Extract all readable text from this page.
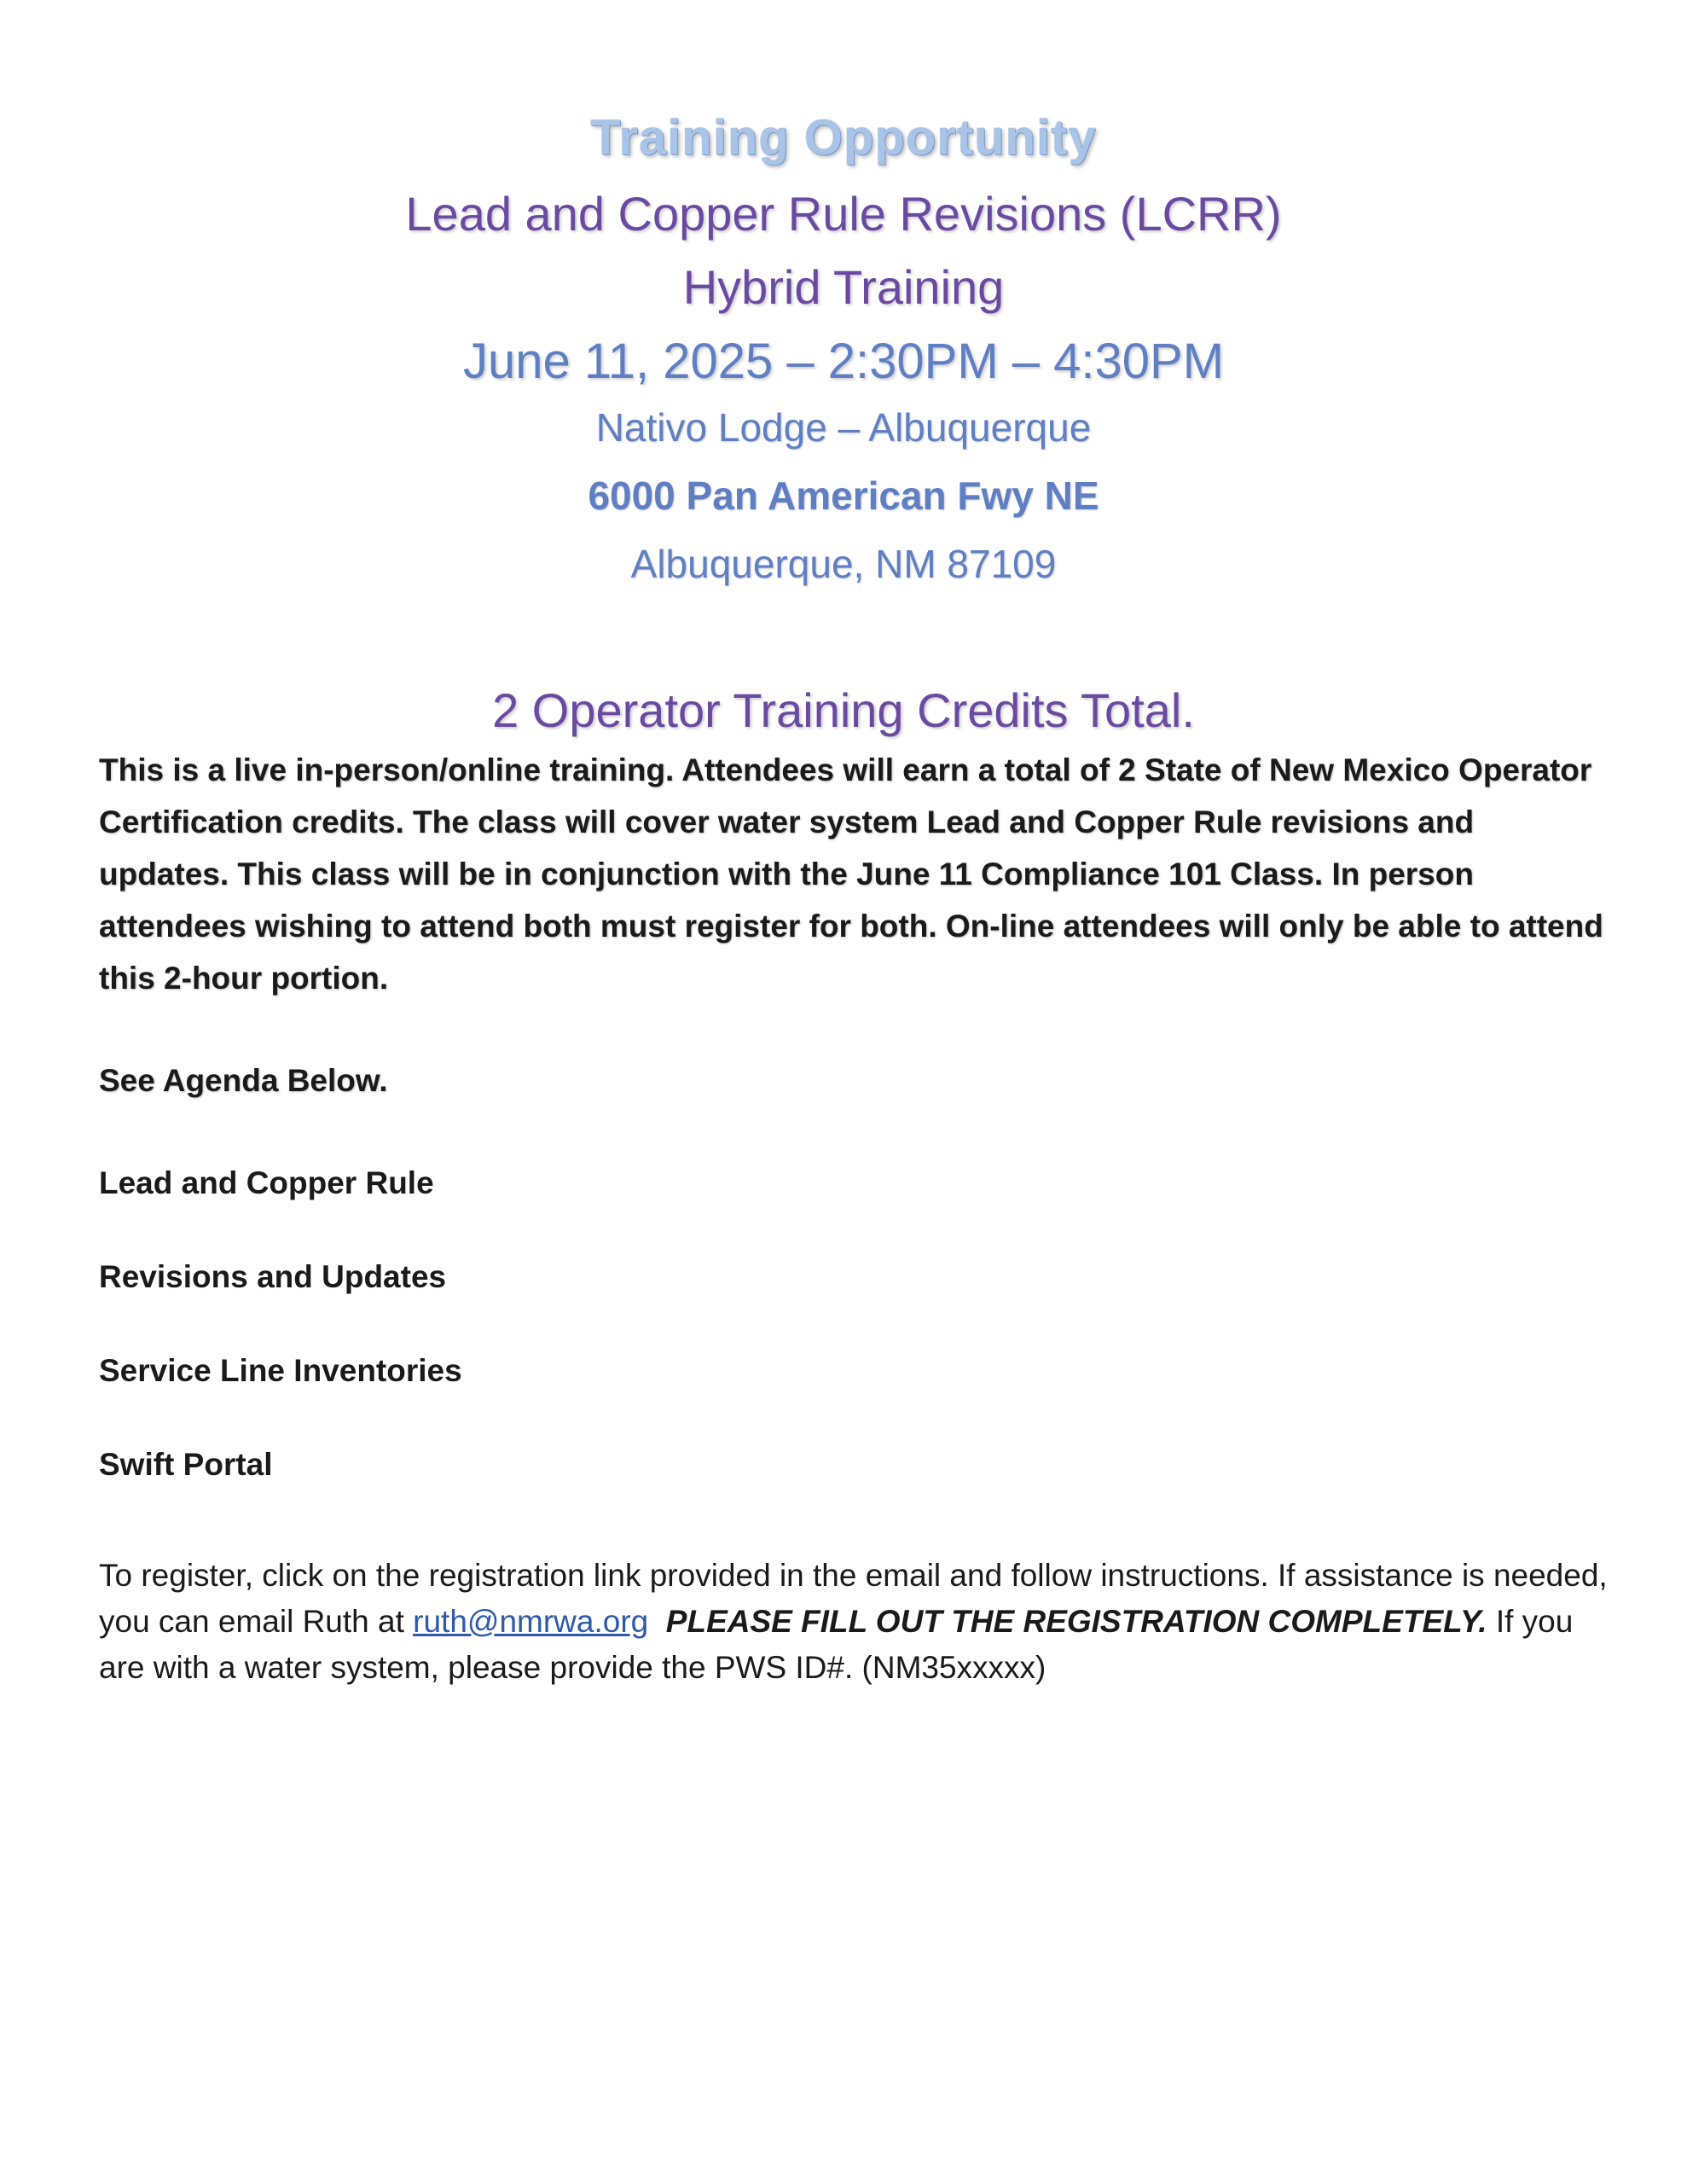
Training Opportunity
Lead and Copper Rule Revisions (LCRR)
Hybrid Training
June 11, 2025 – 2:30PM – 4:30PM
Nativo Lodge – Albuquerque
6000 Pan American Fwy NE
Albuquerque, NM 87109
2 Operator Training Credits Total.
This is a live in-person/online training. Attendees will earn a total of 2 State of New Mexico Operator Certification credits. The class will cover water system Lead and Copper Rule revisions and updates. This class will be in conjunction with the June 11 Compliance 101 Class. In person attendees wishing to attend both must register for both. On-line attendees will only be able to attend this 2-hour portion.
See Agenda Below.
Lead and Copper Rule
Revisions and Updates
Service Line Inventories
Swift Portal
To register, click on the registration link provided in the email and follow instructions. If assistance is needed, you can email Ruth at ruth@nmrwa.org PLEASE FILL OUT THE REGISTRATION COMPLETELY. If you are with a water system, please provide the PWS ID#. (NM35xxxxx)
